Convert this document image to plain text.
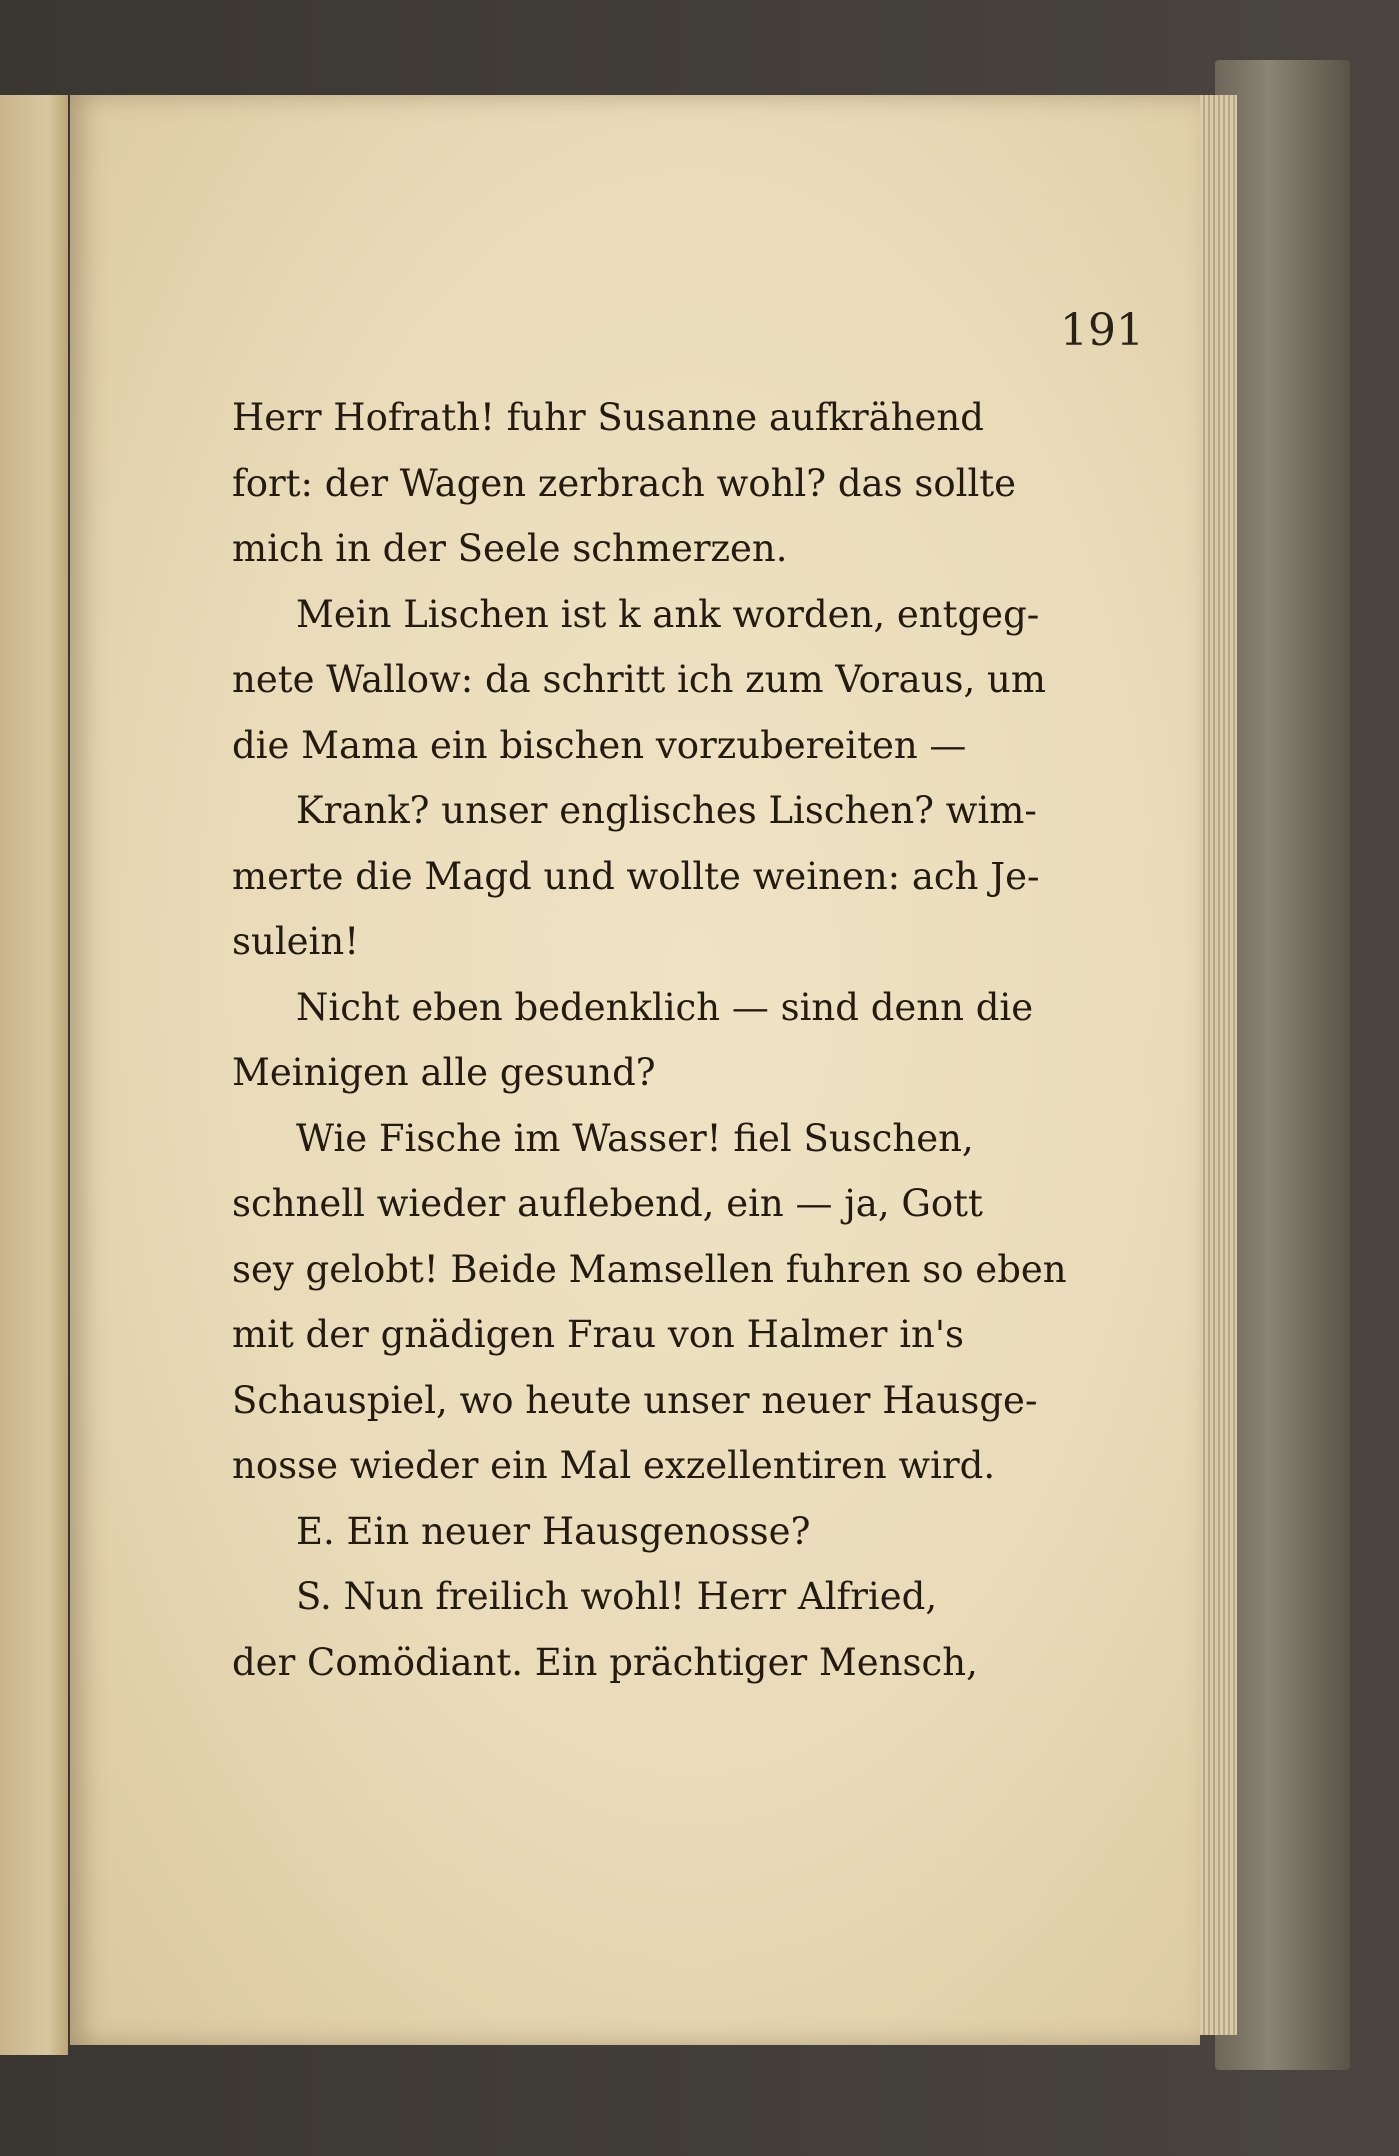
191
Herr Hofrath! fuhr Susanne aufkrähend
fort: der Wagen zerbrach wohl? das sollte
mich in der Seele schmerzen.
Mein Lischen ist k ank worden, entgeg-
nete Wallow: da schritt ich zum Voraus, um
die Mama ein bischen vorzubereiten —
Krank? unser englisches Lischen? wim-
merte die Magd und wollte weinen: ach Je-
sulein!
Nicht eben bedenklich — sind denn die
Meinigen alle gesund?
Wie Fische im Wasser! fiel Suschen,
schnell wieder auflebend, ein — ja, Gott
sey gelobt! Beide Mamsellen fuhren so eben
mit der gnädigen Frau von Halmer in's
Schauspiel, wo heute unser neuer Hausge-
nosse wieder ein Mal exzellentiren wird.
E. Ein neuer Hausgenosse?
S. Nun freilich wohl! Herr Alfried,
der Comödiant. Ein prächtiger Mensch,
